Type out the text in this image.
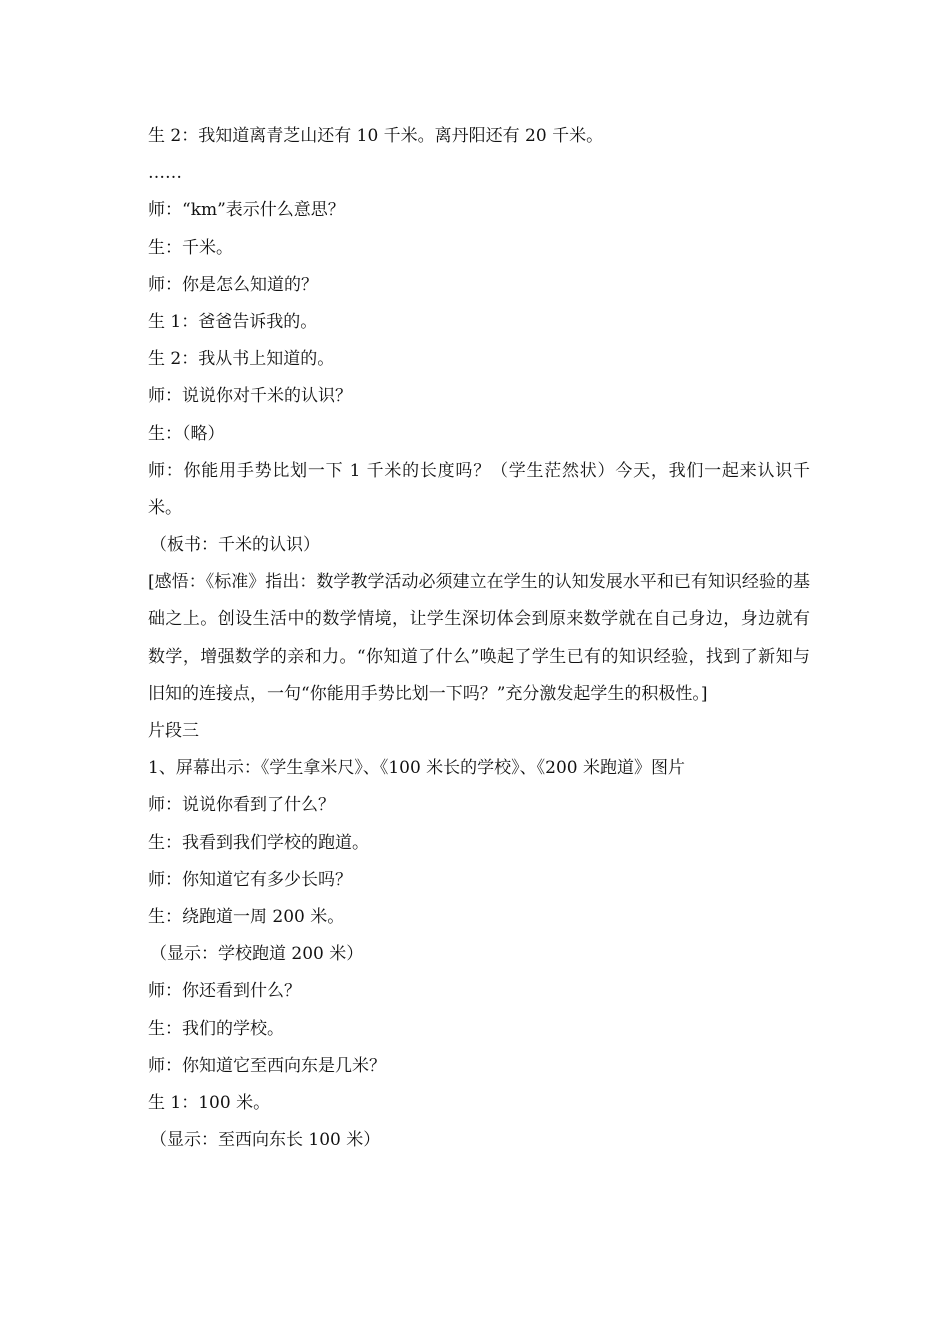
生 2：我知道离青芝山还有 10 千米。离丹阳还有 20 千米。
……
师：“km”表示什么意思？
生：千米。
师：你是怎么知道的？
生 1：爸爸告诉我的。
生 2：我从书上知道的。
师：说说你对千米的认识？
生：（略）
师：你能用手势比划一下 1 千米的长度吗？（学生茫然状）今天，我们一起来认识千米。
（板书：千米的认识）
[感悟：《标准》指出：数学教学活动必须建立在学生的认知发展水平和已有知识经验的基础之上。创设生活中的数学情境，让学生深切体会到原来数学就在自己身边，身边就有数学，增强数学的亲和力。“你知道了什么”唤起了学生已有的知识经验，找到了新知与旧知的连接点，一句“你能用手势比划一下吗？”充分激发起学生的积极性。]
片段三
1、屏幕出示：《学生拿米尺》、《100 米长的学校》、《200 米跑道》图片
师：说说你看到了什么？
生：我看到我们学校的跑道。
师：你知道它有多少长吗？
生：绕跑道一周 200 米。
（显示：学校跑道 200 米）
师：你还看到什么？
生：我们的学校。
师：你知道它至西向东是几米？
生 1：100 米。
（显示：至西向东长 100 米）
